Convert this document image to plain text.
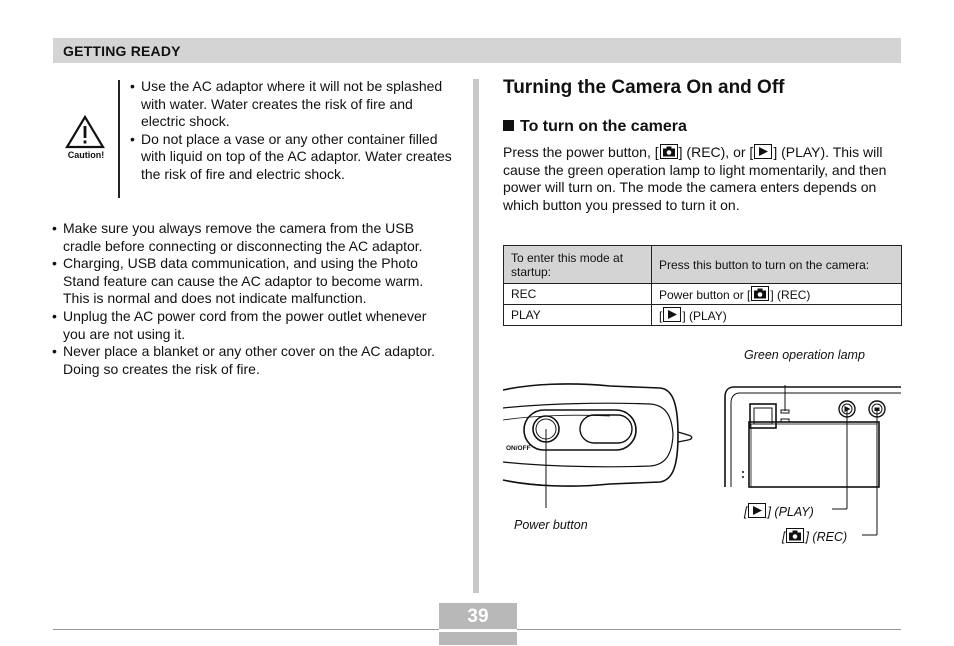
GETTING READY
Caution!
• Use the AC adaptor where it will not be splashed with water. Water creates the risk of fire and electric shock.
• Do not place a vase or any other container filled with liquid on top of the AC adaptor. Water creates the risk of fire and electric shock.
• Make sure you always remove the camera from the USB cradle before connecting or disconnecting the AC adaptor.
• Charging, USB data communication, and using the Photo Stand feature can cause the AC adaptor to become warm. This is normal and does not indicate malfunction.
• Unplug the AC power cord from the power outlet whenever you are not using it.
• Never place a blanket or any other cover on the AC adaptor. Doing so creates the risk of fire.
Turning the Camera On and Off
To turn on the camera
Press the power button, [ ] (REC), or [ ] (PLAY). This will cause the green operation lamp to light momentarily, and then power will turn on. The mode the camera enters depends on which button you pressed to turn it on.
To enter this mode at startup:	Press this button to turn on the camera:
REC	Power button or [ ] (REC)
PLAY	[ ] (PLAY)
ON/OFF
Green operation lamp
Power button
[ ] (PLAY)
[ ] (REC)
39
